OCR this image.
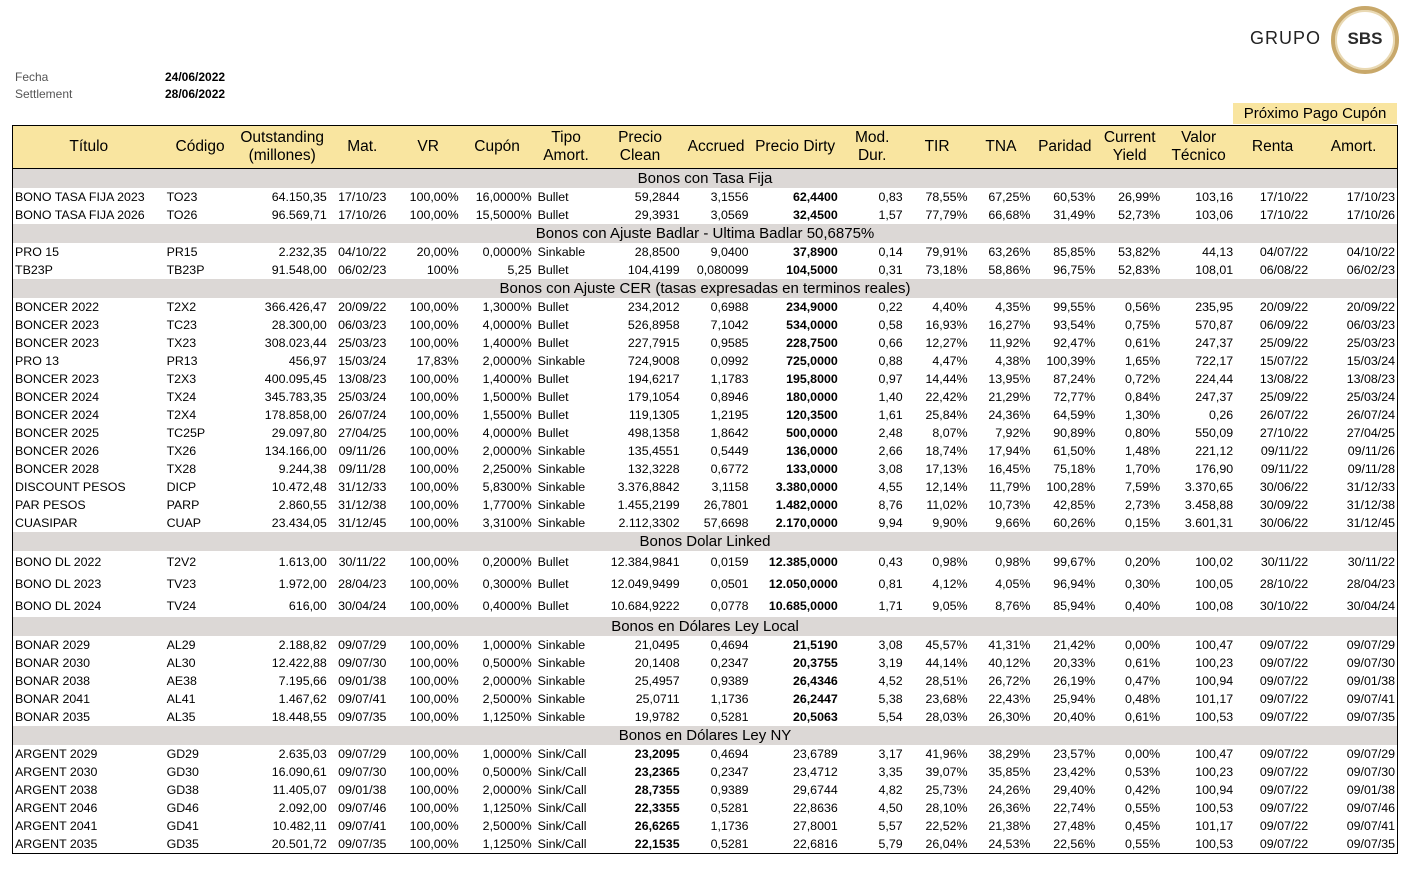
GRUPO	SBS
Fecha	24/06/2022
Settlement	28/06/2022
Próximo Pago Cupón
Título	Código	Outstanding (millones)	Mat.	VR	Cupón	Tipo Amort.	Precio Clean	Accrued	Precio Dirty	Mod. Dur.	TIR	TNA	Paridad	Current Yield	Valor Técnico	Renta	Amort.
Bonos con Tasa Fija																	
BONO TASA FIJA 2023	TO23	64.150,35	17/10/23	100,00%	16,0000%	Bullet	59,2844	3,1556	62,4400	0,83	78,55%	67,25%	60,53%	26,99%	103,16	17/10/22	17/10/23
BONO TASA FIJA 2026	TO26	96.569,71	17/10/26	100,00%	15,5000%	Bullet	29,3931	3,0569	32,4500	1,57	77,79%	66,68%	31,49%	52,73%	103,06	17/10/22	17/10/26
Bonos con Ajuste Badlar - Ultima Badlar 50,6875%																	
PRO 15	PR15	2.232,35	04/10/22	20,00%	0,0000%	Sinkable	28,8500	9,0400	37,8900	0,14	79,91%	63,26%	85,85%	53,82%	44,13	04/07/22	04/10/22
TB23P	TB23P	91.548,00	06/02/23	100%	5,25	Bullet	104,4199	0,080099	104,5000	0,31	73,18%	58,86%	96,75%	52,83%	108,01	06/08/22	06/02/23
Bonos con Ajuste CER (tasas expresadas en terminos reales)																	
BONCER 2022	T2X2	366.426,47	20/09/22	100,00%	1,3000%	Bullet	234,2012	0,6988	234,9000	0,22	4,40%	4,35%	99,55%	0,56%	235,95	20/09/22	20/09/22
BONCER 2023	TC23	28.300,00	06/03/23	100,00%	4,0000%	Bullet	526,8958	7,1042	534,0000	0,58	16,93%	16,27%	93,54%	0,75%	570,87	06/09/22	06/03/23
BONCER 2023	TX23	308.023,44	25/03/23	100,00%	1,4000%	Bullet	227,7915	0,9585	228,7500	0,66	12,27%	11,92%	92,47%	0,61%	247,37	25/09/22	25/03/23
PRO 13	PR13	456,97	15/03/24	17,83%	2,0000%	Sinkable	724,9008	0,0992	725,0000	0,88	4,47%	4,38%	100,39%	1,65%	722,17	15/07/22	15/03/24
BONCER 2023	T2X3	400.095,45	13/08/23	100,00%	1,4000%	Bullet	194,6217	1,1783	195,8000	0,97	14,44%	13,95%	87,24%	0,72%	224,44	13/08/22	13/08/23
BONCER 2024	TX24	345.783,35	25/03/24	100,00%	1,5000%	Bullet	179,1054	0,8946	180,0000	1,40	22,42%	21,29%	72,77%	0,84%	247,37	25/09/22	25/03/24
BONCER 2024	T2X4	178.858,00	26/07/24	100,00%	1,5500%	Bullet	119,1305	1,2195	120,3500	1,61	25,84%	24,36%	64,59%	1,30%	0,26	26/07/22	26/07/24
BONCER 2025	TC25P	29.097,80	27/04/25	100,00%	4,0000%	Bullet	498,1358	1,8642	500,0000	2,48	8,07%	7,92%	90,89%	0,80%	550,09	27/10/22	27/04/25
BONCER 2026	TX26	134.166,00	09/11/26	100,00%	2,0000%	Sinkable	135,4551	0,5449	136,0000	2,66	18,74%	17,94%	61,50%	1,48%	221,12	09/11/22	09/11/26
BONCER 2028	TX28	9.244,38	09/11/28	100,00%	2,2500%	Sinkable	132,3228	0,6772	133,0000	3,08	17,13%	16,45%	75,18%	1,70%	176,90	09/11/22	09/11/28
DISCOUNT PESOS	DICP	10.472,48	31/12/33	100,00%	5,8300%	Sinkable	3.376,8842	3,1158	3.380,0000	4,55	12,14%	11,79%	100,28%	7,59%	3.370,65	30/06/22	31/12/33
PAR PESOS	PARP	2.860,55	31/12/38	100,00%	1,7700%	Sinkable	1.455,2199	26,7801	1.482,0000	8,76	11,02%	10,73%	42,85%	2,73%	3.458,88	30/09/22	31/12/38
CUASIPAR	CUAP	23.434,05	31/12/45	100,00%	3,3100%	Sinkable	2.112,3302	57,6698	2.170,0000	9,94	9,90%	9,66%	60,26%	0,15%	3.601,31	30/06/22	31/12/45
Bonos Dolar Linked																	
BONO DL 2022	T2V2	1.613,00	30/11/22	100,00%	0,2000%	Bullet	12.384,9841	0,0159	12.385,0000	0,43	0,98%	0,98%	99,67%	0,20%	100,02	30/11/22	30/11/22
BONO DL 2023	TV23	1.972,00	28/04/23	100,00%	0,3000%	Bullet	12.049,9499	0,0501	12.050,0000	0,81	4,12%	4,05%	96,94%	0,30%	100,05	28/10/22	28/04/23
BONO DL 2024	TV24	616,00	30/04/24	100,00%	0,4000%	Bullet	10.684,9222	0,0778	10.685,0000	1,71	9,05%	8,76%	85,94%	0,40%	100,08	30/10/22	30/04/24
Bonos en Dólares Ley Local																	
BONAR 2029	AL29	2.188,82	09/07/29	100,00%	1,0000%	Sinkable	21,0495	0,4694	21,5190	3,08	45,57%	41,31%	21,42%	0,00%	100,47	09/07/22	09/07/29
BONAR 2030	AL30	12.422,88	09/07/30	100,00%	0,5000%	Sinkable	20,1408	0,2347	20,3755	3,19	44,14%	40,12%	20,33%	0,61%	100,23	09/07/22	09/07/30
BONAR 2038	AE38	7.195,66	09/01/38	100,00%	2,0000%	Sinkable	25,4957	0,9389	26,4346	4,52	28,51%	26,72%	26,19%	0,47%	100,94	09/07/22	09/01/38
BONAR 2041	AL41	1.467,62	09/07/41	100,00%	2,5000%	Sinkable	25,0711	1,1736	26,2447	5,38	23,68%	22,43%	25,94%	0,48%	101,17	09/07/22	09/07/41
BONAR 2035	AL35	18.448,55	09/07/35	100,00%	1,1250%	Sinkable	19,9782	0,5281	20,5063	5,54	28,03%	26,30%	20,40%	0,61%	100,53	09/07/22	09/07/35
Bonos en Dólares Ley NY																	
ARGENT 2029	GD29	2.635,03	09/07/29	100,00%	1,0000%	Sink/Call	23,2095	0,4694	23,6789	3,17	41,96%	38,29%	23,57%	0,00%	100,47	09/07/22	09/07/29
ARGENT 2030	GD30	16.090,61	09/07/30	100,00%	0,5000%	Sink/Call	23,2365	0,2347	23,4712	3,35	39,07%	35,85%	23,42%	0,53%	100,23	09/07/22	09/07/30
ARGENT 2038	GD38	11.405,07	09/01/38	100,00%	2,0000%	Sink/Call	28,7355	0,9389	29,6744	4,82	25,73%	24,26%	29,40%	0,42%	100,94	09/07/22	09/01/38
ARGENT 2046	GD46	2.092,00	09/07/46	100,00%	1,1250%	Sink/Call	22,3355	0,5281	22,8636	4,50	28,10%	26,36%	22,74%	0,55%	100,53	09/07/22	09/07/46
ARGENT 2041	GD41	10.482,11	09/07/41	100,00%	2,5000%	Sink/Call	26,6265	1,1736	27,8001	5,57	22,52%	21,38%	27,48%	0,45%	101,17	09/07/22	09/07/41
ARGENT 2035	GD35	20.501,72	09/07/35	100,00%	1,1250%	Sink/Call	22,1535	0,5281	22,6816	5,79	26,04%	24,53%	22,56%	0,55%	100,53	09/07/22	09/07/35
